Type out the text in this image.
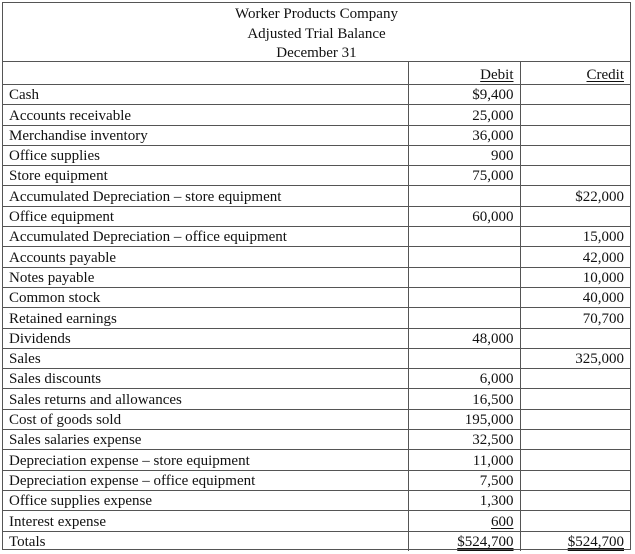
Worker Products Company
Adjusted Trial Balance
December 31
	Debit	Credit
Cash	$9,400	
Accounts receivable	25,000	
Merchandise inventory	36,000	
Office supplies	900	
Store equipment	75,000	
Accumulated Depreciation – store equipment		$22,000
Office equipment	60,000	
Accumulated Depreciation – office equipment		15,000
Accounts payable		42,000
Notes payable		10,000
Common stock		40,000
Retained earnings		70,700
Dividends	48,000	
Sales		325,000
Sales discounts	6,000	
Sales returns and allowances	16,500	
Cost of goods sold	195,000	
Sales salaries expense	32,500	
Depreciation expense – store equipment	11,000	
Depreciation expense – office equipment	7,500	
Office supplies expense	1,300	
Interest expense	600	
Totals	$524,700	$524,700
